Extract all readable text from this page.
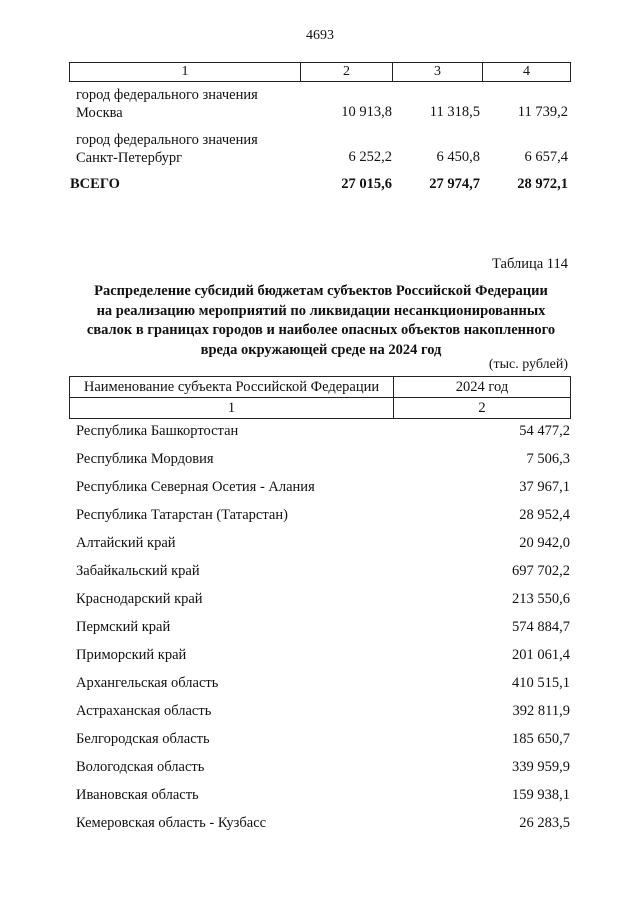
4693
1	2	3	4
город федерального значения
Москва	10 913,8	11 318,5	11 739,2
город федерального значения
Санкт-Петербург	6 252,2	6 450,8	6 657,4
ВСЕГО	27 015,6	27 974,7	28 972,1
Таблица 114
Распределение субсидий бюджетам субъектов Российской Федерации
на реализацию мероприятий по ликвидации несанкционированных
свалок в границах городов и наиболее опасных объектов накопленного
вреда окружающей среде на 2024 год
(тыс. рублей)
Наименование субъекта Российской Федерации	2024 год
1	2
Республика Башкортостан	54 477,2
Республика Мордовия	7 506,3
Республика Северная Осетия - Алания	37 967,1
Республика Татарстан (Татарстан)	28 952,4
Алтайский край	20 942,0
Забайкальский край	697 702,2
Краснодарский край	213 550,6
Пермский край	574 884,7
Приморский край	201 061,4
Архангельская область	410 515,1
Астраханская область	392 811,9
Белгородская область	185 650,7
Вологодская область	339 959,9
Ивановская область	159 938,1
Кемеровская область - Кузбасс	26 283,5
